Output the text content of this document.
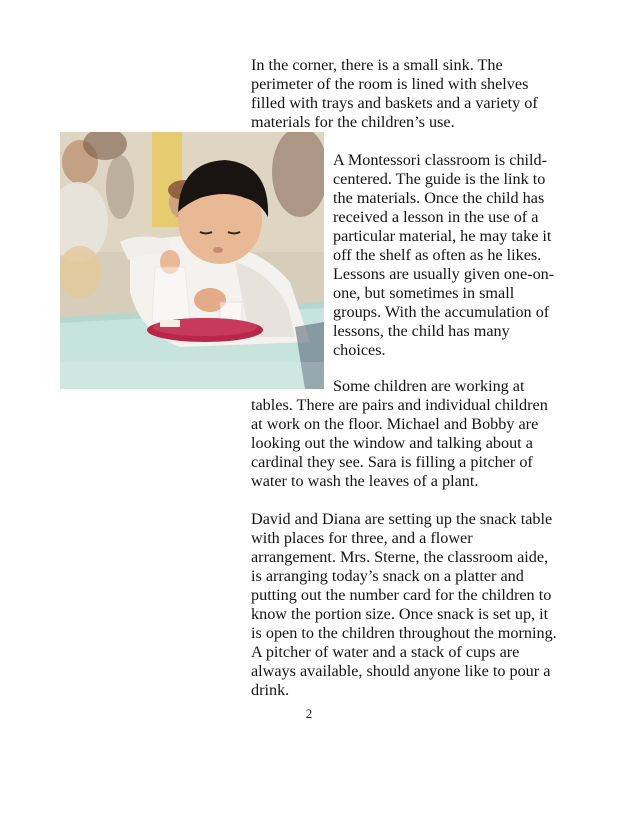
In the corner, there is a small sink. The
perimeter of the room is lined with shelves
filled with trays and baskets and a variety of
materials for the children’s use.

A Montessori classroom is child-
centered. The guide is the link to
the materials. Once the child has
received a lesson in the use of a
particular material, he may take it
off the shelf as often as he likes.
Lessons are usually given one-on-
one, but sometimes in small
groups. With the accumulation of
lessons, the child has many
choices.

Some children are working at
tables. There are pairs and individual children
at work on the floor. Michael and Bobby are
looking out the window and talking about a
cardinal they see. Sara is filling a pitcher of
water to wash the leaves of a plant.

David and Diana are setting up the snack table
with places for three, and a flower
arrangement. Mrs. Sterne, the classroom aide,
is arranging today’s snack on a platter and
putting out the number card for the children to
know the portion size. Once snack is set up, it
is open to the children throughout the morning.
A pitcher of water and a stack of cups are
always available, should anyone like to pour a
drink.

2
